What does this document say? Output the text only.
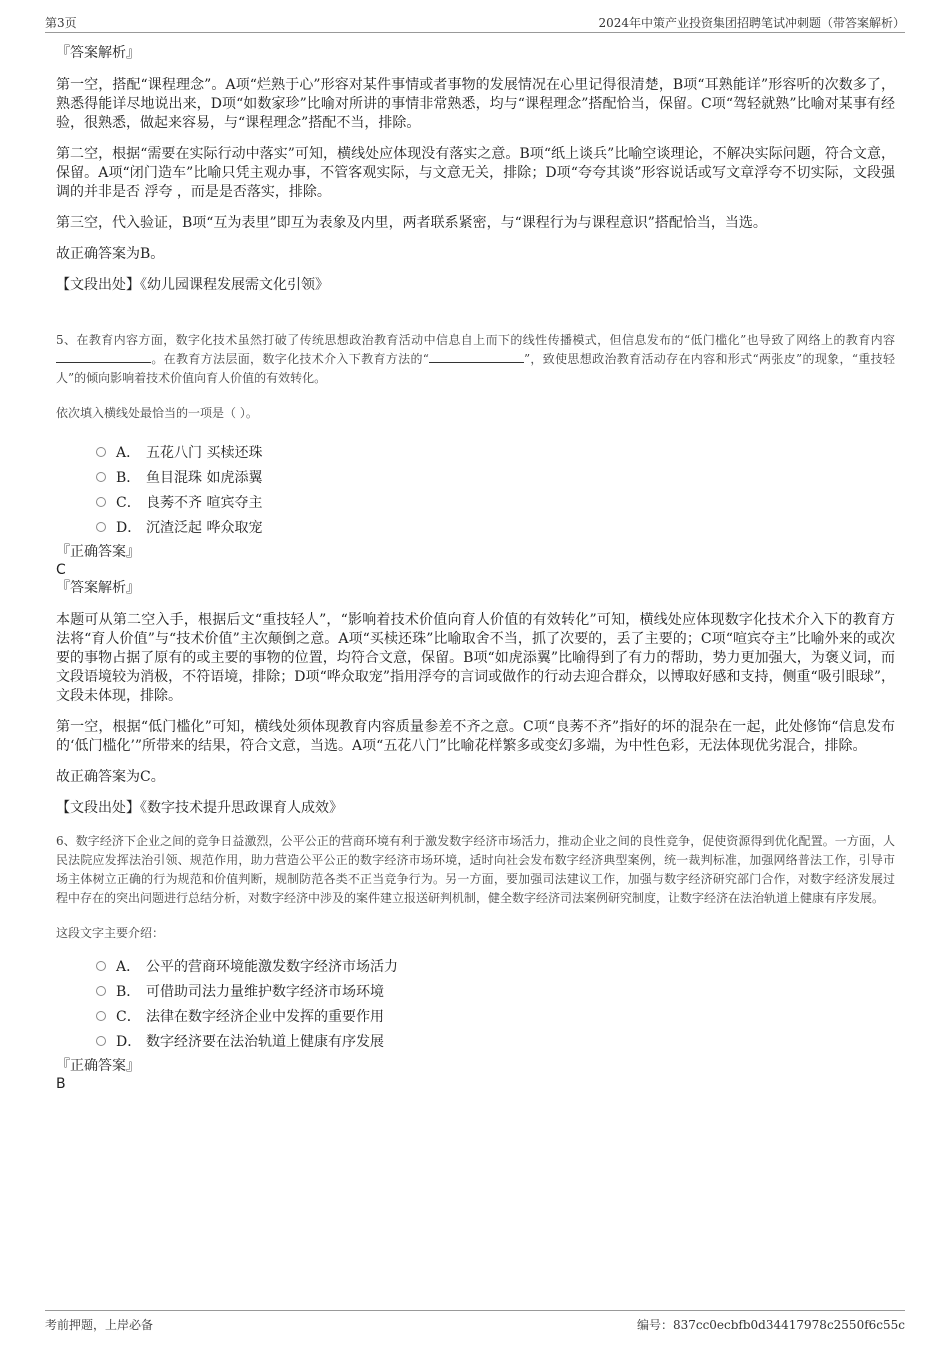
第3页	2024年中策产业投资集团招聘笔试冲刺题（带答案解析）

『答案解析』

第一空，搭配“课程理念”。A项“烂熟于心”形容对某件事情或者事物的发展情况在心里记得很清楚，B项“耳熟能详”形容听的次数多了，熟悉得能详尽地说出来，D项“如数家珍”比喻对所讲的事情非常熟悉，均与“课程理念”搭配恰当，保留。C项“驾轻就熟”比喻对某事有经验，很熟悉，做起来容易，与“课程理念”搭配不当，排除。

第二空，根据“需要在实际行动中落实”可知，横线处应体现没有落实之意。B项“纸上谈兵”比喻空谈理论，不解决实际问题，符合文意，保留。A项“闭门造车”比喻只凭主观办事，不管客观实际，与文意无关，排除；D项“夸夸其谈”形容说话或写文章浮夸不切实际，文段强调的并非是否 浮夸 ，而是是否落实，排除。

第三空，代入验证，B项“互为表里”即互为表象及内里，两者联系紧密，与“课程行为与课程意识”搭配恰当，当选。

故正确答案为B。

【文段出处】《幼儿园课程发展需文化引领》

5、在教育内容方面，数字化技术虽然打破了传统思想政治教育活动中信息自上而下的线性传播模式，但信息发布的“低门槛化”也导致了网络上的教育内容。在教育方法层面，数字化技术介入下教育方法的“	”，致使思想政治教育活动存在内容和形式“两张皮”的现象，“重技轻人”的倾向影响着技术价值向育人价值的有效转化。

依次填入横线处最恰当的一项是（ ）。

A． 五花八门 买椟还珠
B． 鱼目混珠 如虎添翼
C． 良莠不齐 喧宾夺主
D． 沉渣泛起 哗众取宠

『正确答案』

C

『答案解析』

本题可从第二空入手，根据后文“重技轻人”，“影响着技术价值向育人价值的有效转化”可知，横线处应体现数字化技术介入下的教育方法将“育人价值”与“技术价值”主次颠倒之意。A项“买椟还珠”比喻取舍不当，抓了次要的，丢了主要的；C项“喧宾夺主”比喻外来的或次要的事物占据了原有的或主要的事物的位置，均符合文意，保留。B项“如虎添翼”比喻得到了有力的帮助，势力更加强大，为褒义词，而文段语境较为消极，不符语境，排除；D项“哗众取宠”指用浮夸的言词或做作的行动去迎合群众，以博取好感和支持，侧重“吸引眼球”，文段未体现，排除。

第一空，根据“低门槛化”可知，横线处须体现教育内容质量参差不齐之意。C项“良莠不齐”指好的坏的混杂在一起，此处修饰“信息发布的‘低门槛化’”所带来的结果，符合文意，当选。A项“五花八门”比喻花样繁多或变幻多端，为中性色彩，无法体现优劣混合，排除。

故正确答案为C。

【文段出处】《数字技术提升思政课育人成效》

6、数字经济下企业之间的竞争日益激烈，公平公正的营商环境有利于激发数字经济市场活力，推动企业之间的良性竞争，促使资源得到优化配置。一方面，人民法院应发挥法治引领、规范作用，助力营造公平公正的数字经济市场环境，适时向社会发布数字经济典型案例，统一裁判标准，加强网络普法工作，引导市场主体树立正确的行为规范和价值判断，规制防范各类不正当竞争行为。另一方面，要加强司法建议工作，加强与数字经济研究部门合作，对数字经济发展过程中存在的突出问题进行总结分析，对数字经济中涉及的案件建立报送研判机制，健全数字经济司法案例研究制度，让数字经济在法治轨道上健康有序发展。

这段文字主要介绍：

A． 公平的营商环境能激发数字经济市场活力
B． 可借助司法力量维护数字经济市场环境
C． 法律在数字经济企业中发挥的重要作用
D． 数字经济要在法治轨道上健康有序发展

『正确答案』

B

考前押题，上岸必备	编号：837cc0ecbfb0d34417978c2550f6c55c
